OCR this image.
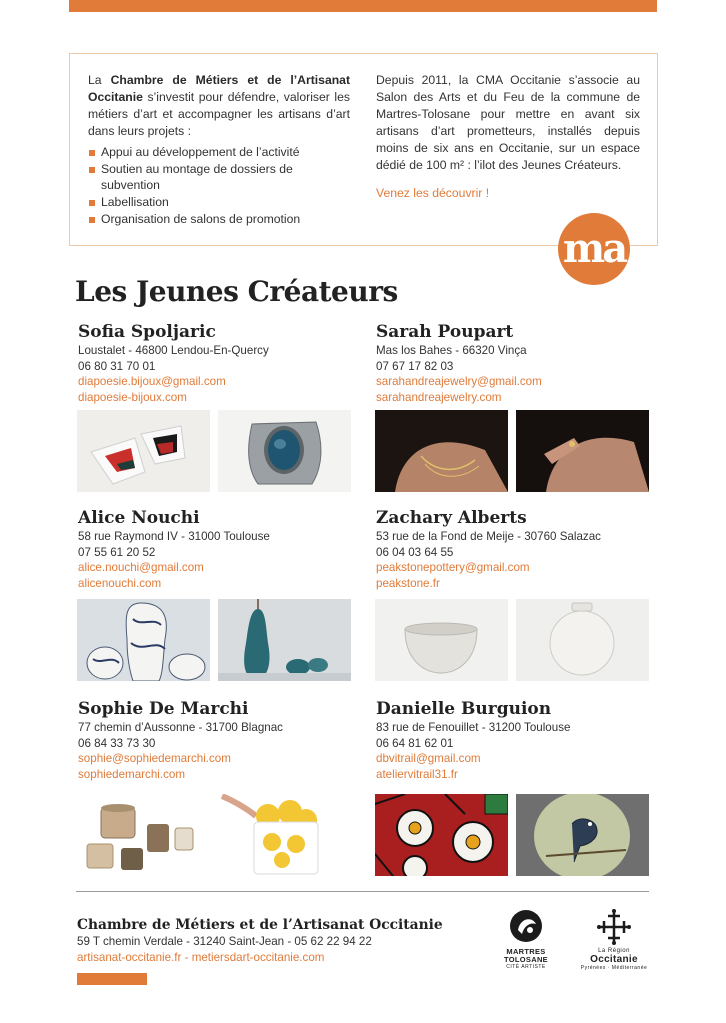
La Chambre de Métiers et de l’Artisanat Occitanie s’investit pour défendre, valoriser les métiers d’art et accompagner les artisans d’art dans leurs projets :

Appui au développement de l’activité
Soutien au montage de dossiers de subvention
Labellisation
Organisation de salons de promotion

Depuis 2011, la CMA Occitanie s’associe au Salon des Arts et du Feu de la commune de Martres-Tolosane pour mettre en avant six artisans d’art prometteurs, installés depuis moins de six ans en Occitanie, sur un espace dédié de 100 m² : l’ilot des Jeunes Créateurs.

Venez les découvrir !

ma
Les Jeunes Créateurs
Sofia Spoljaric
Loustalet - 46800 Lendou-En-Quercy
06 80 31 70 01
diapoesie.bijoux@gmail.com
diapoesie-bijoux.com
Sarah Poupart
Mas los Bahes - 66320 Vinça
07 67 17 82 03
sarahandreajewelry@gmail.com
sarahandreajewelry.com
Alice Nouchi
58 rue Raymond IV - 31000 Toulouse
07 55 61 20 52
alice.nouchi@gmail.com
alicenouchi.com
Zachary Alberts
53 rue de la Fond de Meije - 30760 Salazac
06 04 03 64 55
peakstonepottery@gmail.com
peakstone.fr
Sophie De Marchi
77 chemin d’Aussonne - 31700 Blagnac
06 84 33 73 30
sophie@sophiedemarchi.com
sophiedemarchi.com
Danielle Burguion
83 rue de Fenouillet - 31200 Toulouse
06 64 81 62 01
dbvitrail@gmail.com
ateliervitrail31.fr
Chambre de Métiers et de l’Artisanat Occitanie
59 T chemin Verdale - 31240 Saint-Jean - 05 62 22 94 22
artisanat-occitanie.fr - metiersdart-occitanie.com	MARTRES
TOLOSANE
CITÉ ARTISTE
La Région
Occitanie
Pyrénées · Méditerranée
